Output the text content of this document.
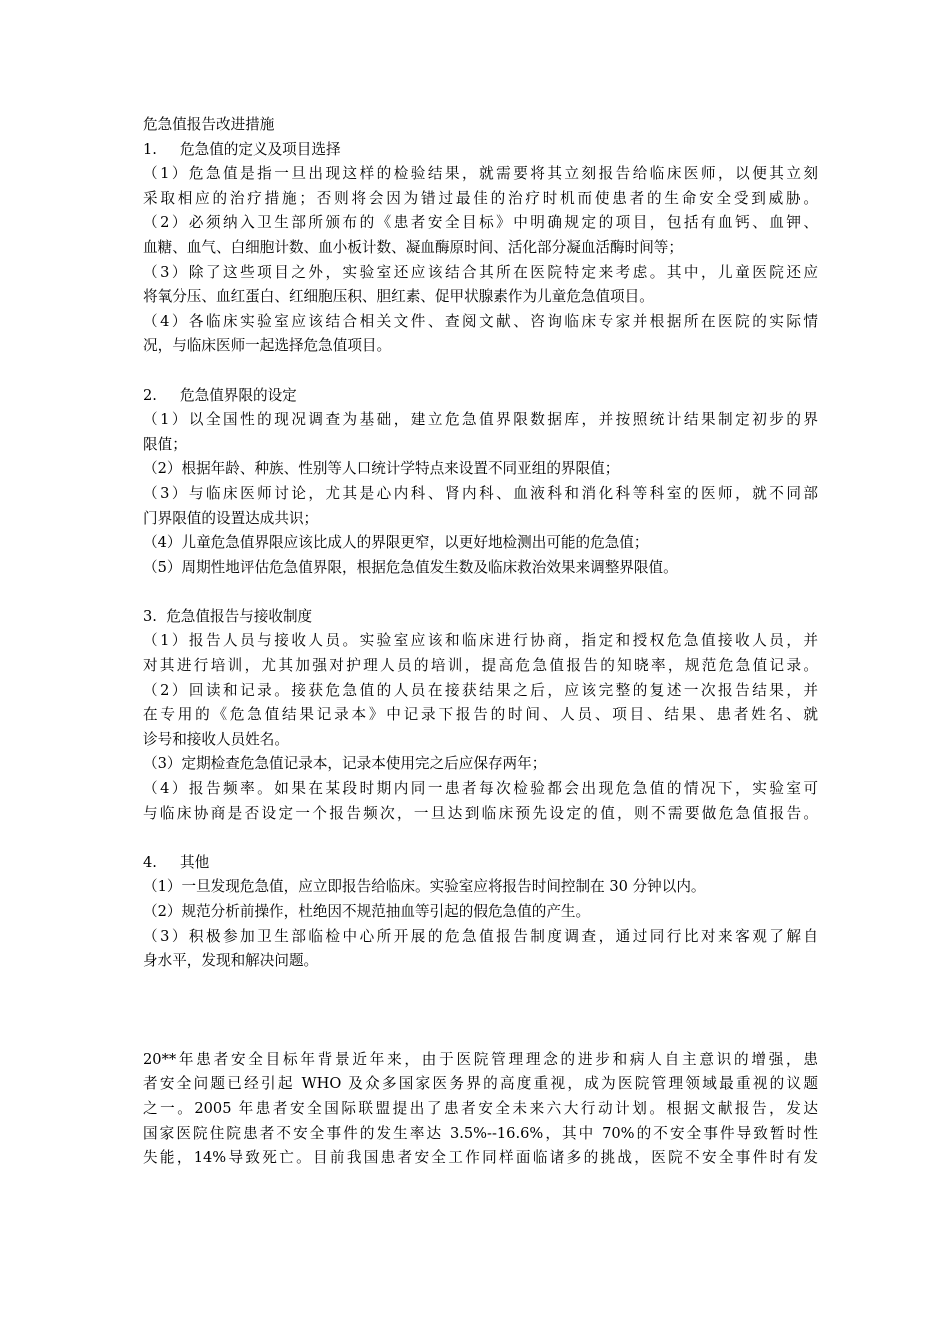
危急值报告改进措施
1. 危急值的定义及项目选择
（1）危急值是指一旦出现这样的检验结果，就需要将其立刻报告给临床医师，以便其立刻
采取相应的治疗措施；否则将会因为错过最佳的治疗时机而使患者的生命安全受到威胁。
（2）必须纳入卫生部所颁布的《患者安全目标》中明确规定的项目，包括有血钙、血钾、
血糖、血气、白细胞计数、血小板计数、凝血酶原时间、活化部分凝血活酶时间等；
（3）除了这些项目之外，实验室还应该结合其所在医院特定来考虑。其中，儿童医院还应
将氧分压、血红蛋白、红细胞压积、胆红素、促甲状腺素作为儿童危急值项目。
（4）各临床实验室应该结合相关文件、查阅文献、咨询临床专家并根据所在医院的实际情
况，与临床医师一起选择危急值项目。
2. 危急值界限的设定
（1）以全国性的现况调查为基础，建立危急值界限数据库，并按照统计结果制定初步的界
限值；
（2）根据年龄、种族、性别等人口统计学特点来设置不同亚组的界限值；
（3）与临床医师讨论，尤其是心内科、肾内科、血液科和消化科等科室的医师，就不同部
门界限值的设置达成共识；
（4）儿童危急值界限应该比成人的界限更窄，以更好地检测出可能的危急值；
（5）周期性地评估危急值界限，根据危急值发生数及临床救治效果来调整界限值。
3.  危急值报告与接收制度
（1）报告人员与接收人员。实验室应该和临床进行协商，指定和授权危急值接收人员，并
对其进行培训，尤其加强对护理人员的培训，提高危急值报告的知晓率，规范危急值记录。
（2）回读和记录。接获危急值的人员在接获结果之后，应该完整的复述一次报告结果，并
在专用的《危急值结果记录本》中记录下报告的时间、人员、项目、结果、患者姓名、就
诊号和接收人员姓名。
（3）定期检查危急值记录本，记录本使用完之后应保存两年；
（4）报告频率。如果在某段时期内同一患者每次检验都会出现危急值的情况下，实验室可
与临床协商是否设定一个报告频次，一旦达到临床预先设定的值，则不需要做危急值报告。
4. 其他
（1）一旦发现危急值，应立即报告给临床。实验室应将报告时间控制在 30 分钟以内。
（2）规范分析前操作，杜绝因不规范抽血等引起的假危急值的产生。
（3）积极参加卫生部临检中心所开展的危急值报告制度调查，通过同行比对来客观了解自
身水平，发现和解决问题。
20**年患者安全目标年背景近年来，由于医院管理理念的进步和病人自主意识的增强，患
者安全问题已经引起 WHO 及众多国家医务界的高度重视，成为医院管理领域最重视的议题
之一。2005 年患者安全国际联盟提出了患者安全未来六大行动计划。根据文献报告，发达
国家医院住院患者不安全事件的发生率达 3.5%--16.6%，其中 70%的不安全事件导致暂时性
失能，14%导致死亡。目前我国患者安全工作同样面临诸多的挑战，医院不安全事件时有发
